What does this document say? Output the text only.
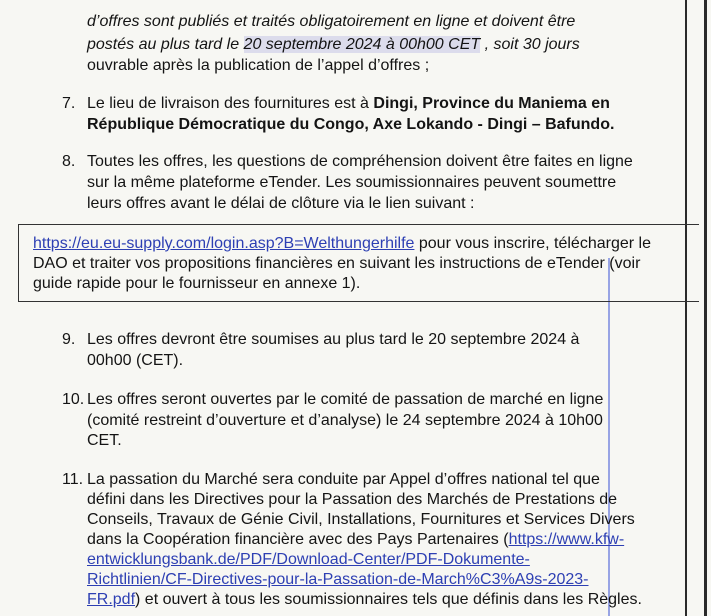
d’offres sont publiés et traités obligatoirement en ligne et doivent être
postés au plus tard le 20 septembre 2024 à 00h00 CET , soit 30 jours
ouvrable après la publication de l’appel d’offres ;
7. Le lieu de livraison des fournitures est à Dingi, Province du Maniema en
République Démocratique du Congo, Axe Lokando - Dingi – Bafundo.
8. Toutes les offres, les questions de compréhension doivent être faites en ligne
sur la même plateforme eTender. Les soumissionnaires peuvent soumettre
leurs offres avant le délai de clôture via le lien suivant :
https://eu.eu-supply.com/login.asp?B=Welthungerhilfe pour vous inscrire, télécharger le
DAO et traiter vos propositions financières en suivant les instructions de eTender (voir
guide rapide pour le fournisseur en annexe 1).
9. Les offres devront être soumises au plus tard le 20 septembre 2024 à
00h00 (CET).
10. Les offres seront ouvertes par le comité de passation de marché en ligne
(comité restreint d’ouverture et d’analyse) le 24 septembre 2024 à 10h00
CET.
11. La passation du Marché sera conduite par Appel d’offres national tel que
défini dans les Directives pour la Passation des Marchés de Prestations de
Conseils, Travaux de Génie Civil, Installations, Fournitures et Services Divers
dans la Coopération financière avec des Pays Partenaires (https://www.kfw-
entwicklungsbank.de/PDF/Download-Center/PDF-Dokumente-
Richtlinien/CF-Directives-pour-la-Passation-de-March%C3%A9s-2023-
FR.pdf) et ouvert à tous les soumissionnaires tels que définis dans les Règles.
